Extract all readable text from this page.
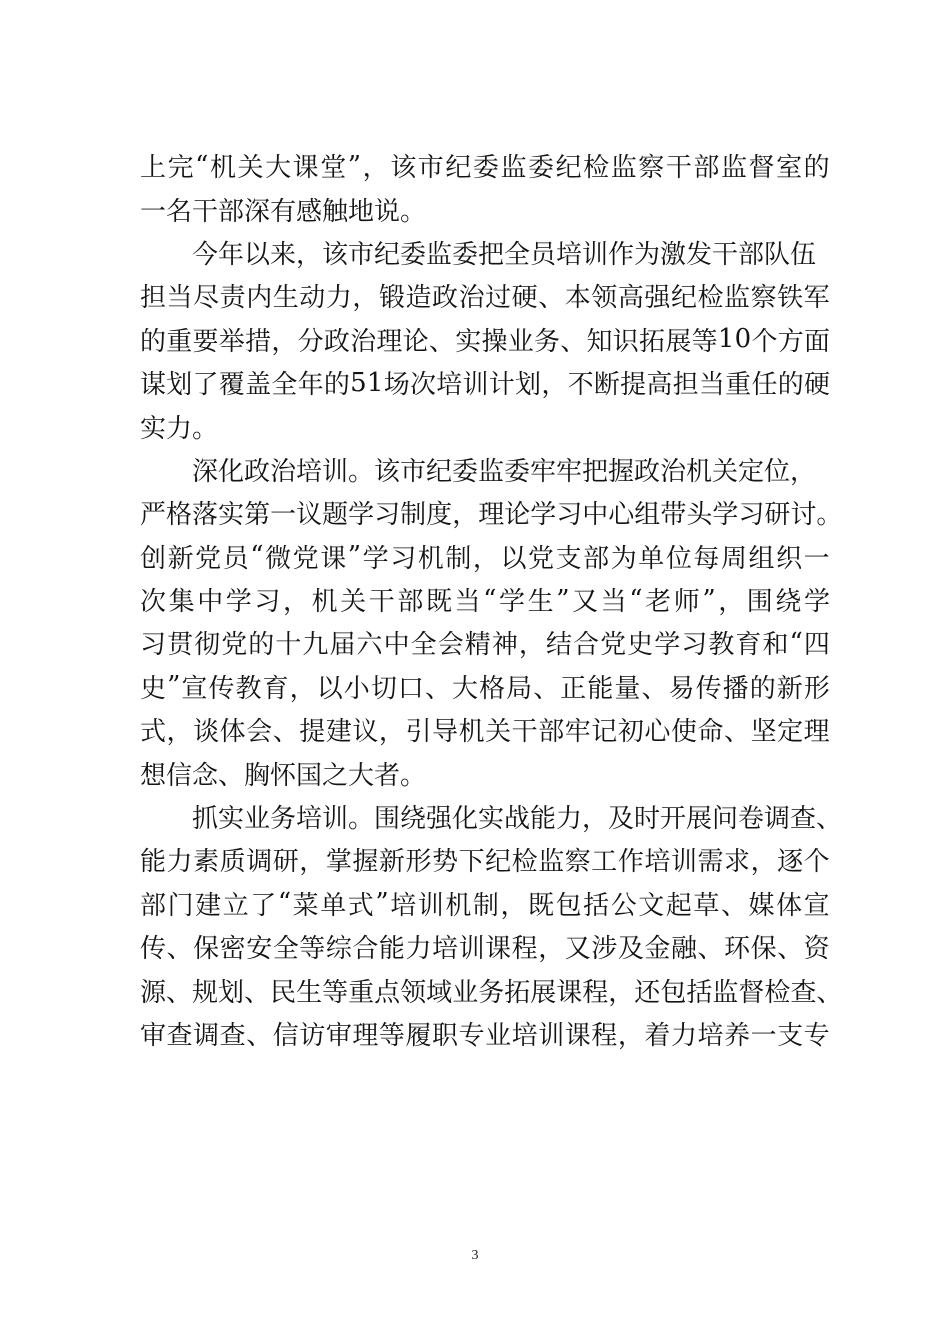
上 完 “ 机 关 大 课 堂 ” ， 该 市 纪 委 监 委 纪 检 监 察 干 部 监 督 室 的
一名干部深有感触地说。
今年以来，该市纪委监委把全员培训作为激发干部队伍
担 当 尽 责 内 生 动 力 ， 锻 造 政 治 过 硬 、 本 领 高 强 纪 检 监 察 铁 军
的 重 要 举 措 ， 分 政 治 理 论 、 实 操 业 务 、 知 识 拓 展 等 1 0 个 方 面
谋 划 了 覆 盖 全 年 的 5 1 场 次 培 训 计 划 ， 不 断 提 高 担 当 重 任 的 硬
实力。
深化政治培训。该市纪委监委牢牢把握政治机关定位，
严 格 落 实 第 一 议 题 学 习 制 度 ， 理 论 学 习 中 心 组 带 头 学 习 研 讨 。
创 新 党 员 “ 微 党 课 ” 学 习 机 制 ， 以 党 支 部 为 单 位 每 周 组 织 一
次 集 中 学 习 ， 机 关 干 部 既 当 “ 学 生 ” 又 当 “ 老 师 ” ， 围 绕 学
习 贯 彻 党 的 十 九 届 六 中 全 会 精 神 ， 结 合 党 史 学 习 教 育 和 “ 四
史 ” 宣 传 教 育 ， 以 小 切 口 、 大 格 局 、 正 能 量 、 易 传 播 的 新 形
式 ， 谈 体 会 、 提 建 议 ， 引 导 机 关 干 部 牢 记 初 心 使 命 、 坚 定 理
想信念、胸怀国之大者。
抓实业务培训。围绕强化实战能力，及时开展问卷调查、
能 力 素 质 调 研 ， 掌 握 新 形 势 下 纪 检 监 察 工 作 培 训 需 求 ， 逐 个
部 门 建 立 了 “ 菜 单 式 ” 培 训 机 制 ， 既 包 括 公 文 起 草 、 媒 体 宣
传 、 保 密 安 全 等 综 合 能 力 培 训 课 程 ， 又 涉 及 金 融 、 环 保 、 资
源 、 规 划 、 民 生 等 重 点 领 域 业 务 拓 展 课 程 ， 还 包 括 监 督 检 查 、
审 查 调 查 、 信 访 审 理 等 履 职 专 业 培 训 课 程 ， 着 力 培 养 一 支 专
3
